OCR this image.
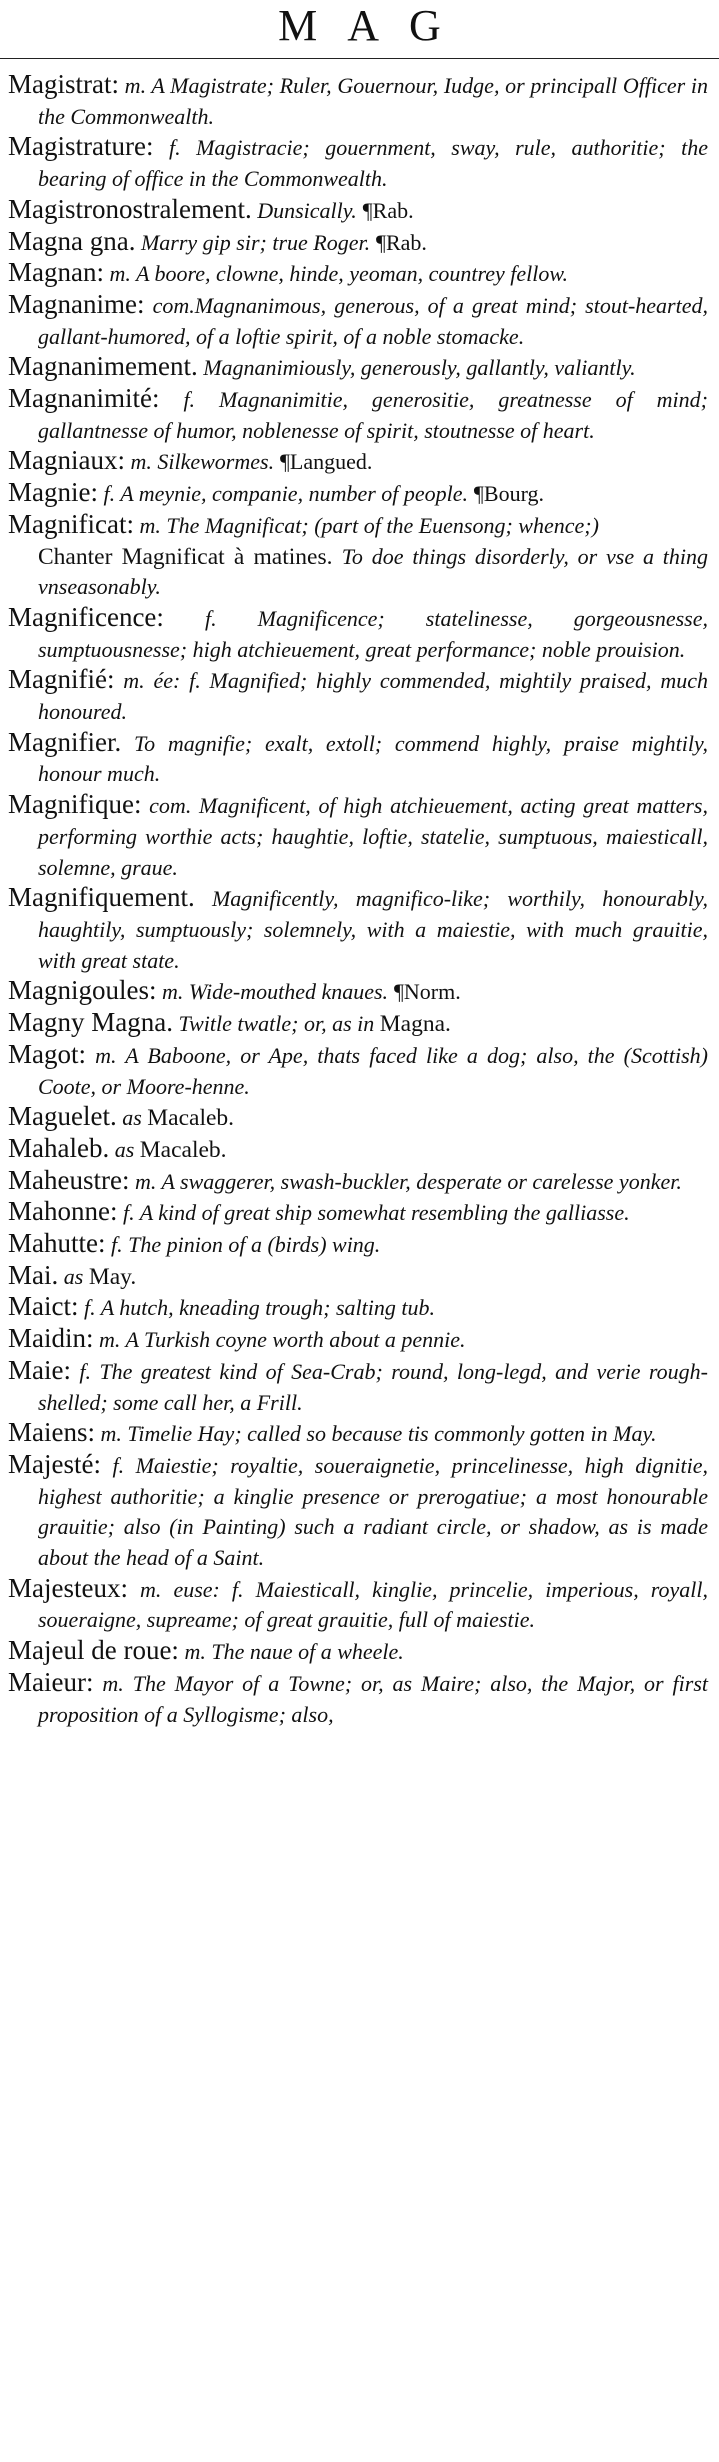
MAG
Magistrat: m. A Magistrate; Ruler, Gouernour, Iudge, or principall Officer in the Commonwealth.
Magistrature: f. Magistracie; gouernment, sway, rule, authoritie; the bearing of office in the Commonwealth.
Magistronostralement. Dunsically. ¶ Rab.
Magna gna. Marry gip sir; true Roger. ¶ Rab.
Magnan: m. A boore, clowne, hinde, yeoman, countrey fellow.
Magnanime: com.Magnanimous, generous, of a great mind; stout-hearted, gallant-humored, of a loftie spirit, of a noble stomacke.
Magnanimement. Magnanimiously, generously, gallantly, valiantly.
Magnanimité: f. Magnanimitie, generositie, greatnesse of mind; gallantnesse of humor, noblenesse of spirit, stoutnesse of heart.
Magniaux: m. Silkewormes. ¶ Langued.
Magnie: f. A meynie, companie, number of people. ¶ Bourg.
Magnificat: m. The Magnificat; (part of the Euensong; whence;)
Chanter Magnificat à matines. To doe things disorderly, or vse a thing vnseasonably.
Magnificence: f. Magnificence; statelinesse, gorgeousnesse, sumptuousnesse; high atchieuement, great performance; noble prouision.
Magnifié: m. ée: f. Magnified; highly commended, mightily praised, much honoured.
Magnifier. To magnifie; exalt, extoll; commend highly, praise mightily, honour much.
Magnifique: com. Magnificent, of high atchieuement, acting great matters, performing worthie acts; haughtie, loftie, statelie, sumptuous, maiesticall, solemne, graue.
Magnifiquement. Magnificently, magnifico-like; worthily, honourably, haughtily, sumptuously; solemnely, with a maiestie, with much grauitie, with great state.
Magnigoules: m. Wide-mouthed knaues. ¶ Norm.
Magny Magna. Twitle twatle; or, as in Magna.
Magot: m. A Baboone, or Ape, thats faced like a dog; also, the (Scottish) Coote, or Moore-henne.
Maguelet. as Macaleb.
Mahaleb. as Macaleb.
Maheustre: m. A swaggerer, swash-buckler, desperate or carelesse yonker.
Mahonne: f. A kind of great ship somewhat resembling the galliasse.
Mahutte: f. The pinion of a (birds) wing.
Mai. as May.
Maict: f. A hutch, kneading trough; salting tub.
Maidin: m. A Turkish coyne worth about a pennie.
Maie: f. The greatest kind of Sea-Crab; round, long-legd, and verie rough-shelled; some call her, a Frill.
Maiens: m. Timelie Hay; called so because tis commonly gotten in May.
Majesté: f. Maiestie; royaltie, soueraignetie, princelinesse, high dignitie, highest authoritie; a kinglie presence or prerogatiue; a most honourable grauitie; also (in Painting) such a radiant circle, or shadow, as is made about the head of a Saint.
Majesteux: m. euse: f. Maiesticall, kinglie, princelie, imperious, royall, soueraigne, supreame; of great grauitie, full of maiestie.
Majeul de roue: m. The naue of a wheele.
Maieur: m. The Mayor of a Towne; or, as Maire; also, the Major, or first proposition of a Syllogisme; also,
